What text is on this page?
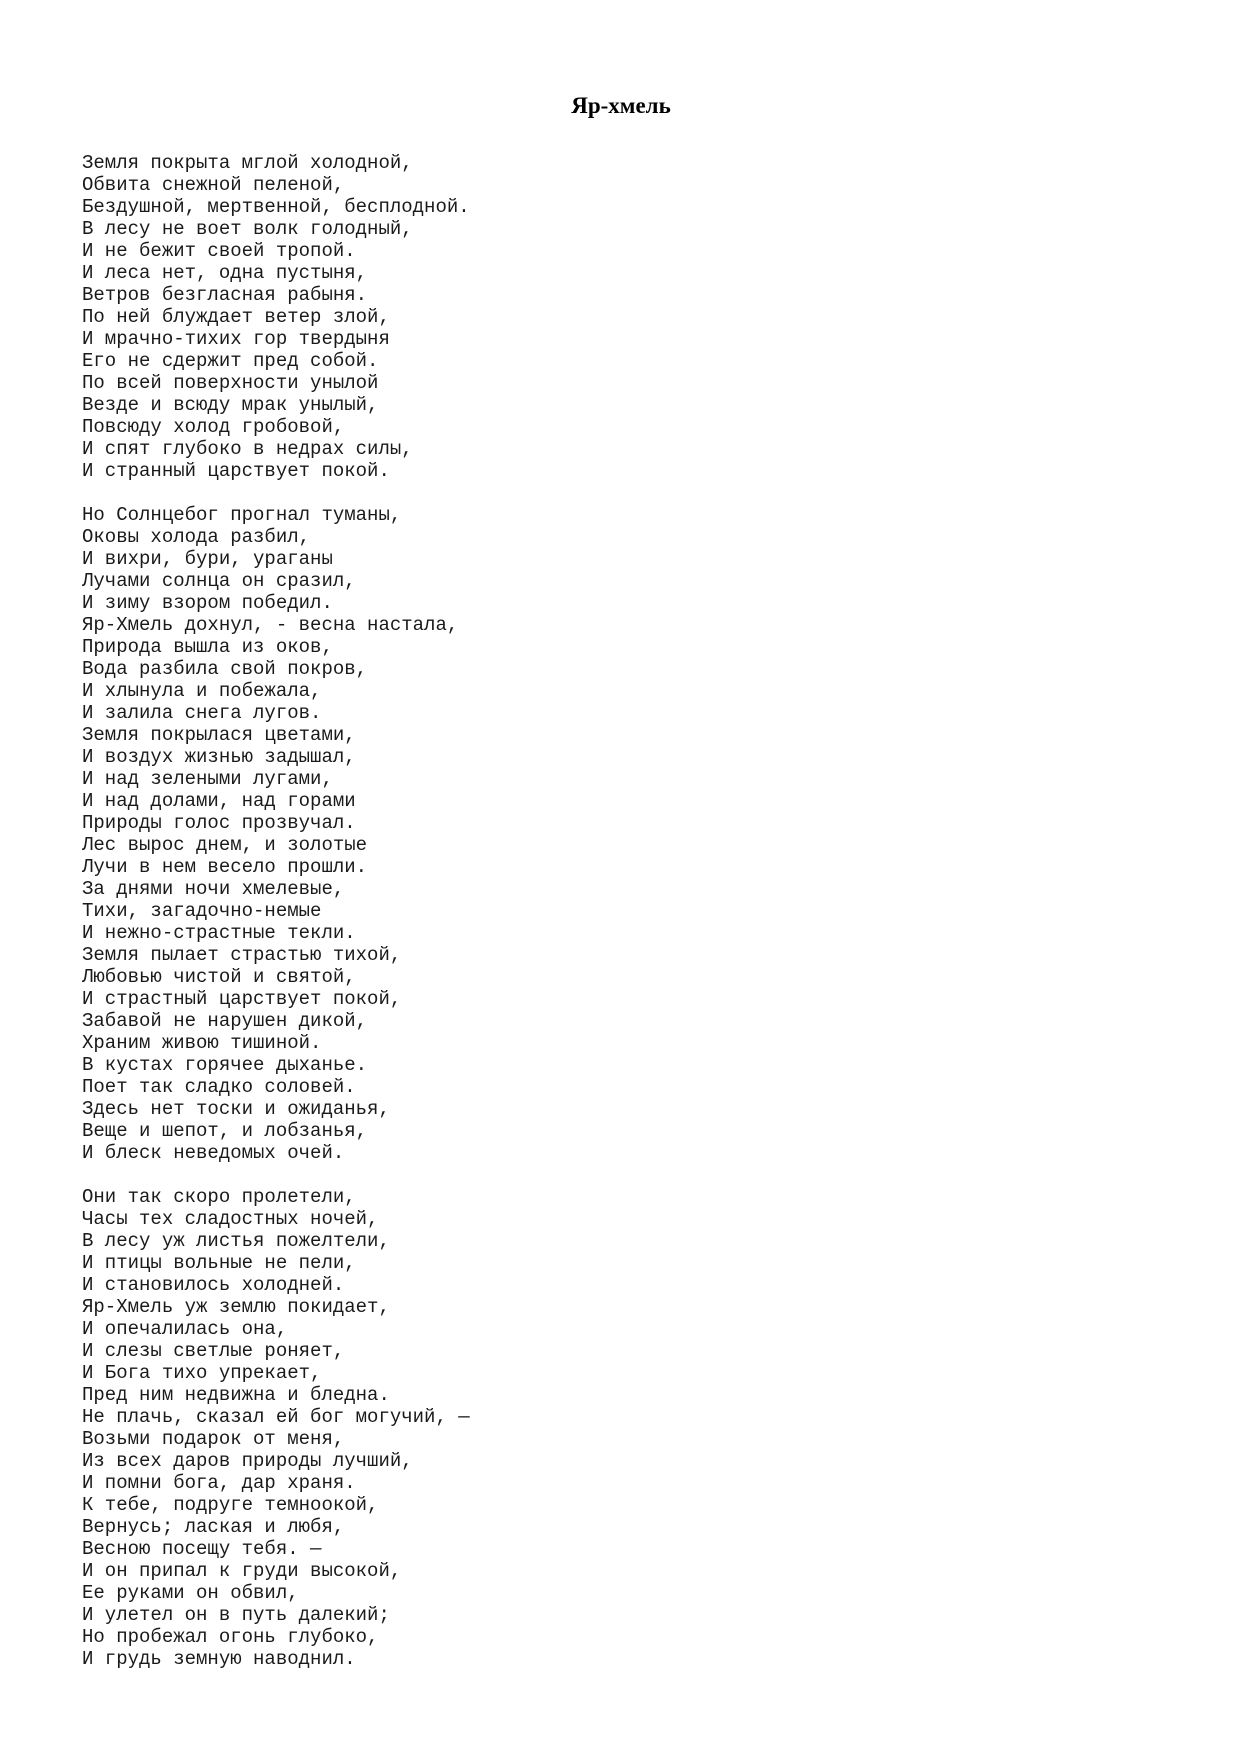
Яр-хмель
Земля покрыта мглой холодной,
Обвита снежной пеленой,
Бездушной, мертвенной, бесплодной.
В лесу не воет волк голодный,
И не бежит своей тропой.
И леса нет, одна пустыня,
Ветров безгласная рабыня.
По ней блуждает ветер злой,
И мрачно-тихих гор твердыня
Его не сдержит пред собой.
По всей поверхности унылой
Везде и всюду мрак унылый,
Повсюду холод гробовой,
И спят глубоко в недрах силы,
И странный царствует покой.
Но Солнцебог прогнал туманы,
Оковы холода разбил,
И вихри, бури, ураганы
Лучами солнца он сразил,
И зиму взором победил.
Яр-Хмель дохнул, - весна настала,
Природа вышла из оков,
Вода разбила свой покров,
И хлынула и побежала,
И залила снега лугов.
Земля покрылася цветами,
И воздух жизнью задышал,
И над зелеными лугами,
И над долами, над горами
Природы голос прозвучал.
Лес вырос днем, и золотые
Лучи в нем весело прошли.
За днями ночи хмелевые,
Тихи, загадочно-немые
И нежно-страстные текли.
Земля пылает страстью тихой,
Любовью чистой и святой,
И страстный царствует покой,
Забавой не нарушен дикой,
Храним живою тишиной.
В кустах горячее дыханье.
Поет так сладко соловей.
Здесь нет тоски и ожиданья,
Веще и шепот, и лобзанья,
И блеск неведомых очей.
Они так скоро пролетели,
Часы тех сладостных ночей,
В лесу уж листья пожелтели,
И птицы вольные не пели,
И становилось холодней.
Яр-Хмель уж землю покидает,
И опечалилась она,
И слезы светлые роняет,
И Бога тихо упрекает,
Пред ним недвижна и бледна.
Не плачь, сказал ей бог могучий, —
Возьми подарок от меня,
Из всех даров природы лучший,
И помни бога, дар храня.
К тебе, подруге темноокой,
Вернусь; лаская и любя,
Весною посещу тебя. —
И он припал к груди высокой,
Ее руками он обвил,
И улетел он в путь далекий;
Но пробежал огонь глубоко,
И грудь земную наводнил.
